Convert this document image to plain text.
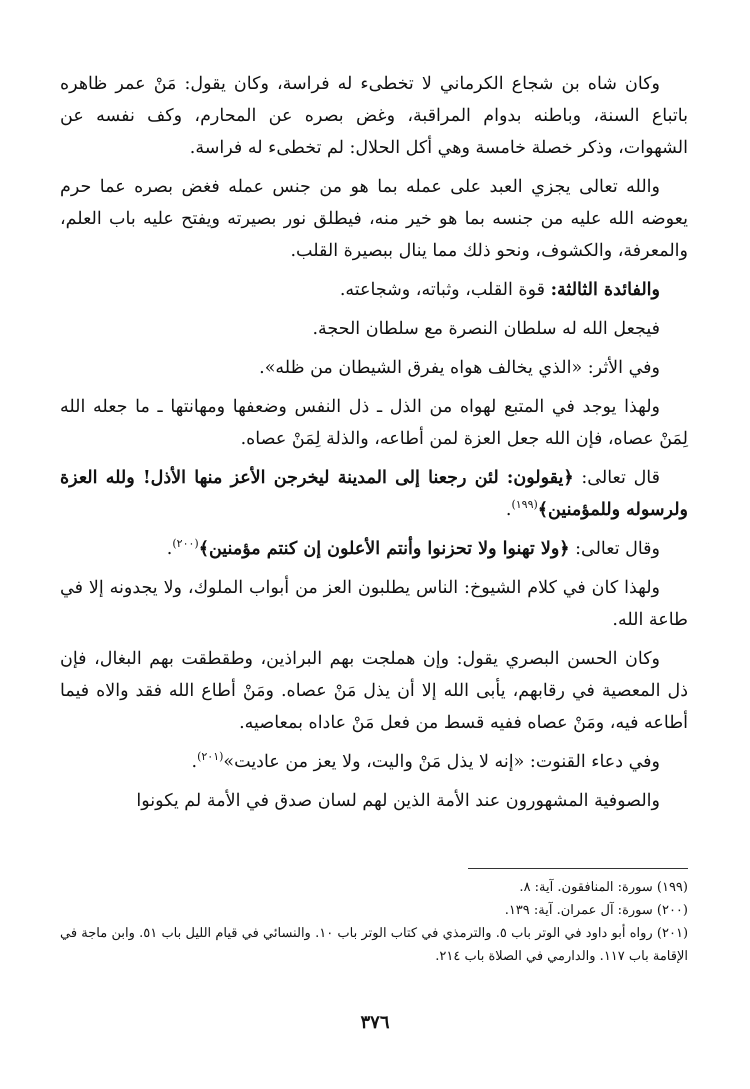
وكان شاه بن شجاع الكرماني لا تخطىء له فراسة، وكان يقول: مَنْ عمر ظاهره باتباع السنة، وباطنه بدوام المراقبة، وغض بصره عن المحارم، وكف نفسه عن الشهوات، وذكر خصلة خامسة وهي أكل الحلال: لم تخطىء له فراسة.

والله تعالى يجزي العبد على عمله بما هو من جنس عمله فغض بصره عما حرم يعوضه الله عليه من جنسه بما هو خير منه، فيطلق نور بصيرته ويفتح عليه باب العلم، والمعرفة، والكشوف، ونحو ذلك مما ينال ببصيرة القلب.

والفائدة الثالثة: قوة القلب، وثباته، وشجاعته.

فيجعل الله له سلطان النصرة مع سلطان الحجة.

وفي الأثر: «الذي يخالف هواه يفرق الشيطان من ظله».

ولهذا يوجد في المتبع لهواه من الذل ـ ذل النفس وضعفها ومهانتها ـ ما جعله الله لِمَنْ عصاه، فإن الله جعل العزة لمن أطاعه، والذلة لِمَنْ عصاه.

قال تعالى: ﴿يقولون: لئن رجعنا إلى المدينة ليخرجن الأعز منها الأذل! ولله العزة ولرسوله وللمؤمنين﴾$^{(١٩٩)}$.

وقال تعالى: ﴿ولا تهنوا ولا تحزنوا وأنتم الأعلون إن كنتم مؤمنين﴾$^{(٢٠٠)}$.

ولهذا كان في كلام الشيوخ: الناس يطلبون العز من أبواب الملوك، ولا يجدونه إلا في طاعة الله.

وكان الحسن البصري يقول: وإن هملجت بهم البراذين، وطقطقت بهم البغال، فإن ذل المعصية في رقابهم، يأبى الله إلا أن يذل مَنْ عصاه. ومَنْ أطاع الله فقد والاه فيما أطاعه فيه، ومَنْ عصاه ففيه قسط من فعل مَنْ عاداه بمعاصيه.

وفي دعاء القنوت: «إنه لا يذل مَنْ واليت، ولا يعز من عاديت»$^{(٢٠١)}$.

والصوفية المشهورون عند الأمة الذين لهم لسان صدق في الأمة لم يكونوا

(١٩٩) سورة: المنافقون. آية: ٨.

(٢٠٠) سورة: آل عمران. آية: ١٣٩.

(٢٠١) رواه أبو داود في الوتر باب ٥. والترمذي في كتاب الوتر باب ١٠. والنسائي في قيام الليل باب ٥١. وابن ماجة في الإقامة باب ١١٧. والدارمي في الصلاة باب ٢١٤.

٣٧٦
